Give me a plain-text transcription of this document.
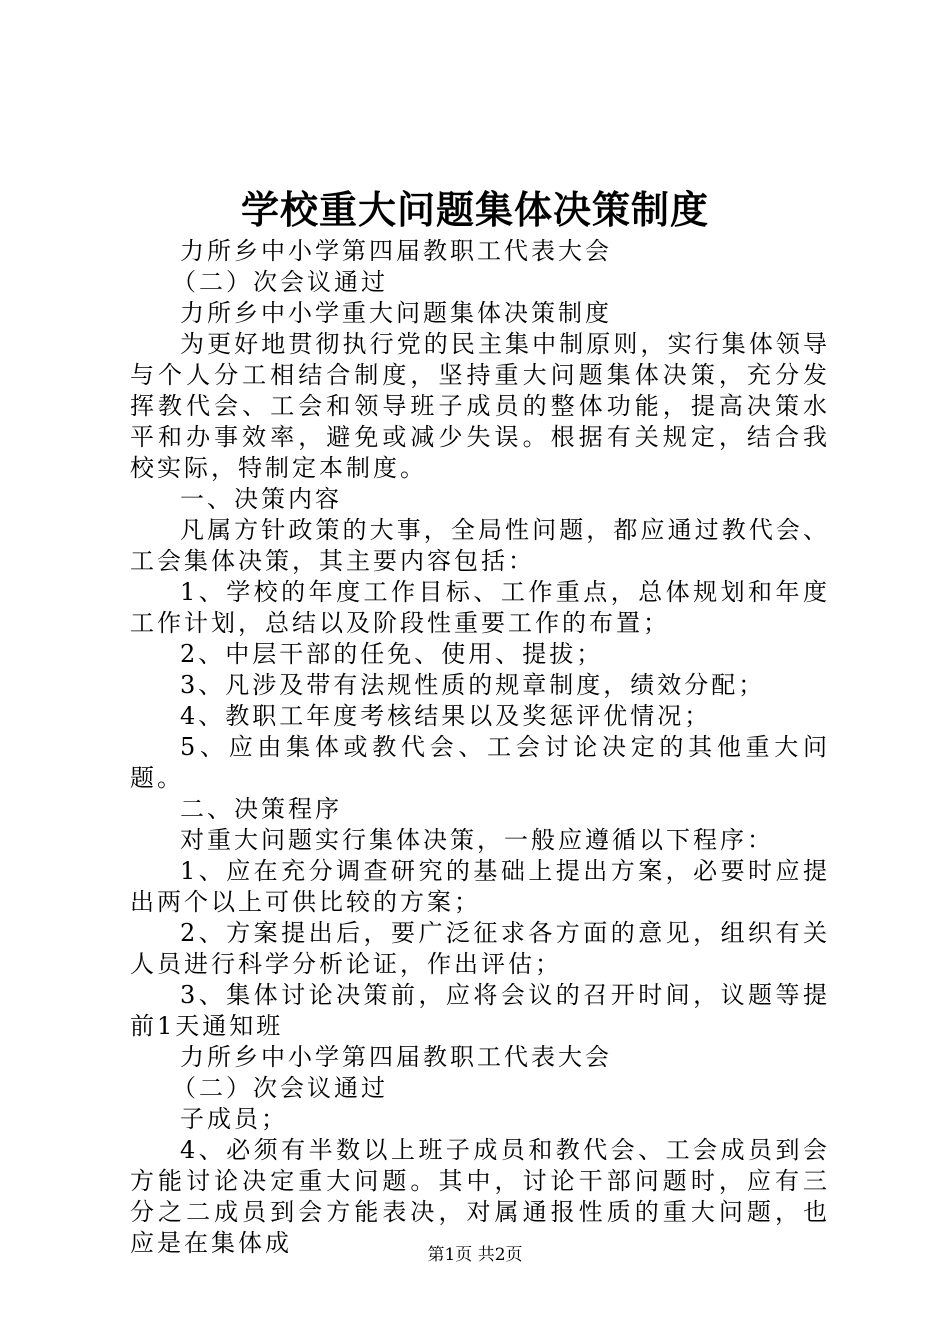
学校重大问题集体决策制度

力所乡中小学第四届教职工代表大会

（二）次会议通过

力所乡中小学重大问题集体决策制度

为更好地贯彻执行党的民主集中制原则，实行集体领导与个人分工相结合制度，坚持重大问题集体决策，充分发挥教代会、工会和领导班子成员的整体功能，提高决策水平和办事效率，避免或减少失误。根据有关规定，结合我校实际，特制定本制度。

一、决策内容

凡属方针政策的大事，全局性问题，都应通过教代会、工会集体决策，其主要内容包括：

1、学校的年度工作目标、工作重点，总体规划和年度工作计划，总结以及阶段性重要工作的布置；

2、中层干部的任免、使用、提拔；

3、凡涉及带有法规性质的规章制度，绩效分配；

4、教职工年度考核结果以及奖惩评优情况；

5、应由集体或教代会、工会讨论决定的其他重大问题。

二、决策程序

对重大问题实行集体决策，一般应遵循以下程序：

1、应在充分调查研究的基础上提出方案，必要时应提出两个以上可供比较的方案；

2、方案提出后，要广泛征求各方面的意见，组织有关人员进行科学分析论证，作出评估；

3、集体讨论决策前，应将会议的召开时间，议题等提前1天通知班

力所乡中小学第四届教职工代表大会

（二）次会议通过

子成员；

4、必须有半数以上班子成员和教代会、工会成员到会方能讨论决定重大问题。其中，讨论干部问题时，应有三分之二成员到会方能表决，对属通报性质的重大问题，也应是在集体成	第1页 共2页
